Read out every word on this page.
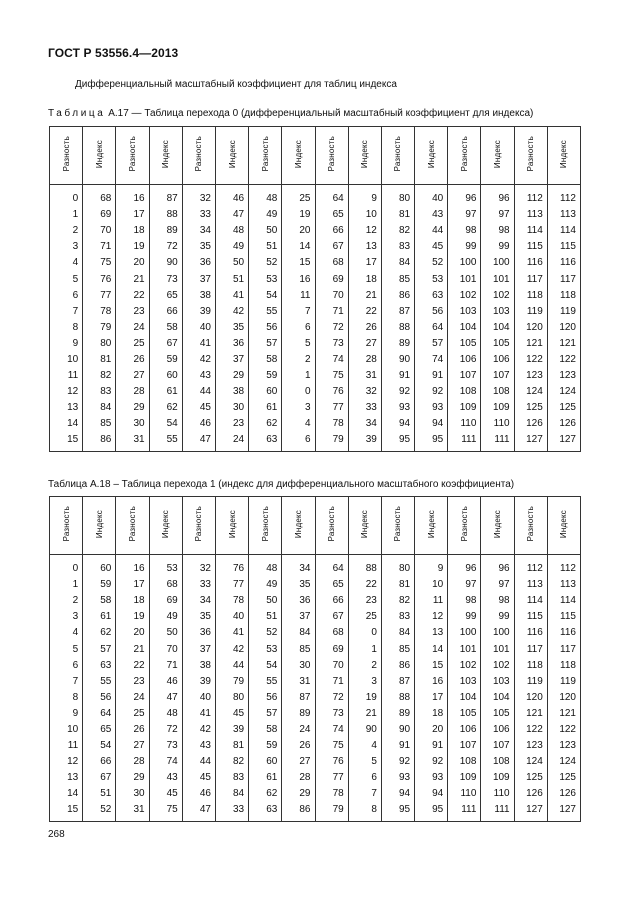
ГОСТ Р 53556.4—2013
Дифференциальный масштабный коэффициент для таблиц индекса
Таблица А.17 — Таблица перехода 0 (дифференциальный масштабный коэффициент для индекса)
Разность	Индекс	Разность	Индекс	Разность	Индекс	Разность	Индекс	Разность	Индекс	Разность	Индекс	Разность	Индекс	Разность	Индекс
0	68	16	87	32	46	48	25	64	9	80	40	96	96	112	112
1	69	17	88	33	47	49	19	65	10	81	43	97	97	113	113
2	70	18	89	34	48	50	20	66	12	82	44	98	98	114	114
3	71	19	72	35	49	51	14	67	13	83	45	99	99	115	115
4	75	20	90	36	50	52	15	68	17	84	52	100	100	116	116
5	76	21	73	37	51	53	16	69	18	85	53	101	101	117	117
6	77	22	65	38	41	54	11	70	21	86	63	102	102	118	118
7	78	23	66	39	42	55	7	71	22	87	56	103	103	119	119
8	79	24	58	40	35	56	6	72	26	88	64	104	104	120	120
9	80	25	67	41	36	57	5	73	27	89	57	105	105	121	121
10	81	26	59	42	37	58	2	74	28	90	74	106	106	122	122
11	82	27	60	43	29	59	1	75	31	91	91	107	107	123	123
12	83	28	61	44	38	60	0	76	32	92	92	108	108	124	124
13	84	29	62	45	30	61	3	77	33	93	93	109	109	125	125
14	85	30	54	46	23	62	4	78	34	94	94	110	110	126	126
15	86	31	55	47	24	63	6	79	39	95	95	111	111	127	127
Таблица А.18 – Таблица перехода 1 (индекс для дифференциального масштабного коэффициента)
Разность	Индекс	Разность	Индекс	Разность	Индекс	Разность	Индекс	Разность	Индекс	Разность	Индекс	Разность	Индекс	Разность	Индекс
0	60	16	53	32	76	48	34	64	88	80	9	96	96	112	112
1	59	17	68	33	77	49	35	65	22	81	10	97	97	113	113
2	58	18	69	34	78	50	36	66	23	82	11	98	98	114	114
3	61	19	49	35	40	51	37	67	25	83	12	99	99	115	115
4	62	20	50	36	41	52	84	68	0	84	13	100	100	116	116
5	57	21	70	37	42	53	85	69	1	85	14	101	101	117	117
6	63	22	71	38	44	54	30	70	2	86	15	102	102	118	118
7	55	23	46	39	79	55	31	71	3	87	16	103	103	119	119
8	56	24	47	40	80	56	87	72	19	88	17	104	104	120	120
9	64	25	48	41	45	57	89	73	21	89	18	105	105	121	121
10	65	26	72	42	39	58	24	74	90	90	20	106	106	122	122
11	54	27	73	43	81	59	26	75	4	91	91	107	107	123	123
12	66	28	74	44	82	60	27	76	5	92	92	108	108	124	124
13	67	29	43	45	83	61	28	77	6	93	93	109	109	125	125
14	51	30	45	46	84	62	29	78	7	94	94	110	110	126	126
15	52	31	75	47	33	63	86	79	8	95	95	111	111	127	127
268
